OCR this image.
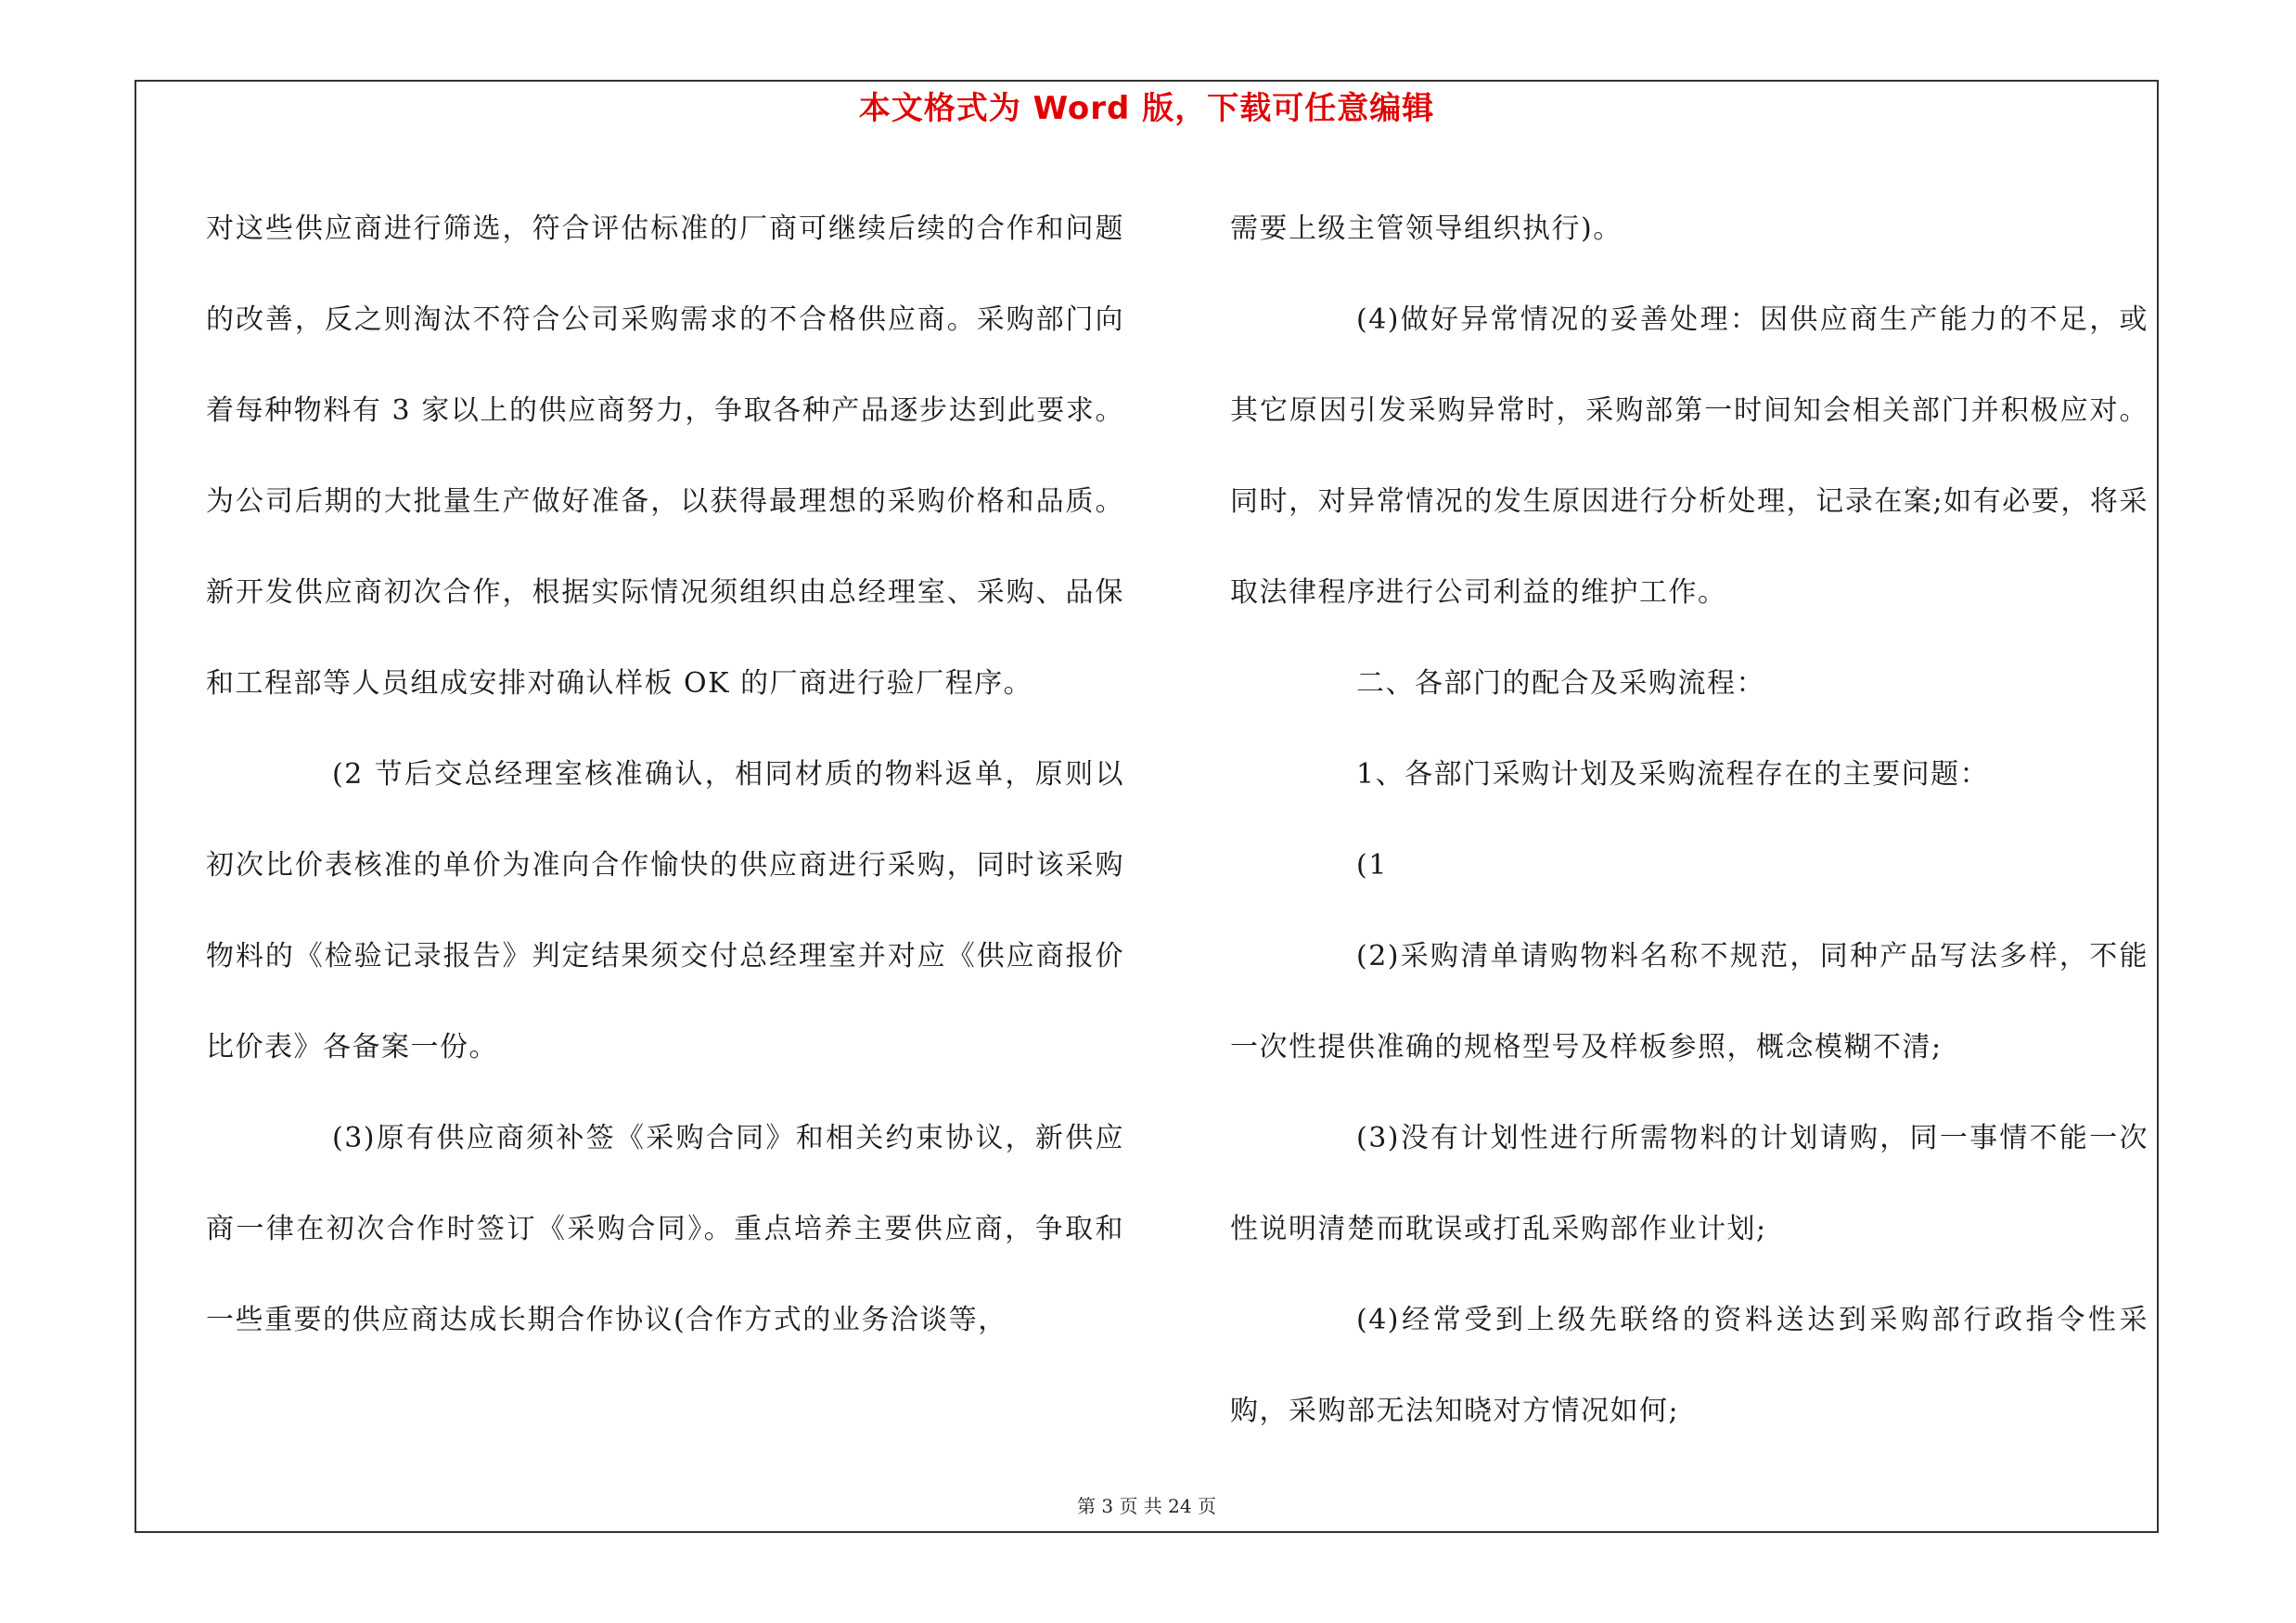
本文格式为 Word 版，下载可任意编辑

对这些供应商进行筛选，符合评估标准的厂商可继续后续的合作和问题的改善，反之则淘汰不符合公司采购需求的不合格供应商。采购部门向着每种物料有 3 家以上的供应商努力，争取各种产品逐步达到此要求。为公司后期的大批量生产做好准备，以获得最理想的采购价格和品质。新开发供应商初次合作，根据实际情况须组织由总经理室、采购、品保和工程部等人员组成安排对确认样板 OK 的厂商进行验厂程序。

(2 节后交总经理室核准确认，相同材质的物料返单，原则以初次比价表核准的单价为准向合作愉快的供应商进行采购，同时该采购物料的《检验记录报告》判定结果须交付总经理室并对应《供应商报价比价表》各备案一份。

(3)原有供应商须补签《采购合同》和相关约束协议，新供应商一律在初次合作时签订《采购合同》。重点培养主要供应商，争取和一些重要的供应商达成长期合作协议(合作方式的业务洽谈等，

需要上级主管领导组织执行)。

(4)做好异常情况的妥善处理：因供应商生产能力的不足，或其它原因引发采购异常时，采购部第一时间知会相关部门并积极应对。同时，对异常情况的发生原因进行分析处理，记录在案;如有必要，将采取法律程序进行公司利益的维护工作。

二、各部门的配合及采购流程：

1、各部门采购计划及采购流程存在的主要问题：

(1

(2)采购清单请购物料名称不规范，同种产品写法多样，不能一次性提供准确的规格型号及样板参照，概念模糊不清;

(3)没有计划性进行所需物料的计划请购，同一事情不能一次性说明清楚而耽误或打乱采购部作业计划;

(4)经常受到上级先联络的资料送达到采购部行政指令性采购，采购部无法知晓对方情况如何;

第 3 页 共 24 页
